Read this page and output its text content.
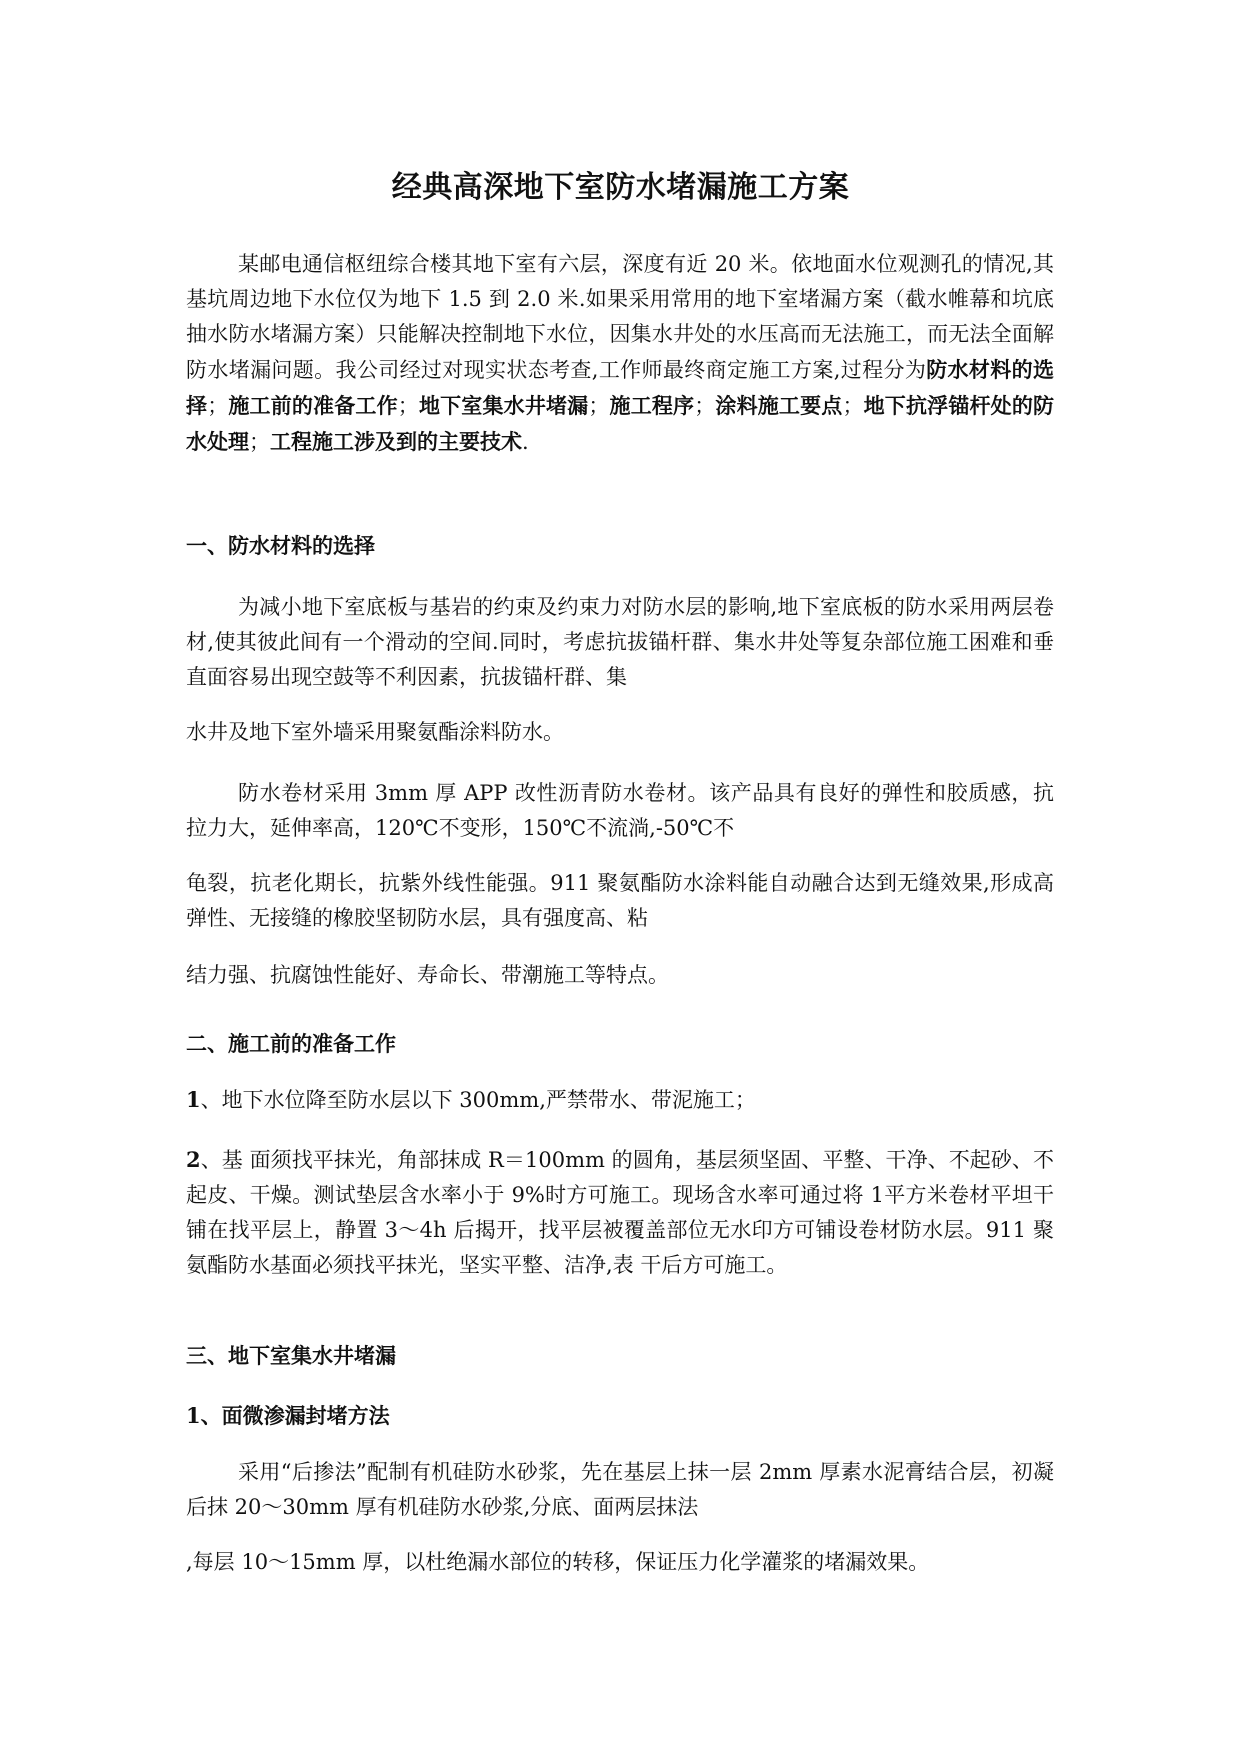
经典高深地下室防水堵漏施工方案

某邮电通信枢纽综合楼其地下室有六层，深度有近 20 米。依地面水位观测孔的情况,其基坑周边地下水位仅为地下 1.5 到 2.0 米.如果采用常用的地下室堵漏方案（截水帷幕和坑底抽水防水堵漏方案）只能解决控制地下水位，因集水井处的水压高而无法施工，而无法全面解防水堵漏问题。我公司经过对现实状态考查,工作师最终商定施工方案,过程分为防水材料的选择；施工前的准备工作；地下室集水井堵漏；施工程序；涂料施工要点；地下抗浮锚杆处的防水处理；工程施工涉及到的主要技术.

一、防水材料的选择

为减小地下室底板与基岩的约束及约束力对防水层的影响,地下室底板的防水采用两层卷材,使其彼此间有一个滑动的空间.同时，考虑抗拔锚杆群、集水井处等复杂部位施工困难和垂直面容易出现空鼓等不利因素，抗拔锚杆群、集

水井及地下室外墙采用聚氨酯涂料防水。

防水卷材采用 3mm 厚 APP 改性沥青防水卷材。该产品具有良好的弹性和胶质感，抗拉力大，延伸率高，120℃不变形，150℃不流淌,-50℃不

龟裂，抗老化期长，抗紫外线性能强。911 聚氨酯防水涂料能自动融合达到无缝效果,形成高弹性、无接缝的橡胶坚韧防水层，具有强度高、粘

结力强、抗腐蚀性能好、寿命长、带潮施工等特点。

二、施工前的准备工作

1、地下水位降至防水层以下 300mm,严禁带水、带泥施工；

2、基 面须找平抹光，角部抹成 R＝100mm 的圆角，基层须坚固、平整、干净、不起砂、不起皮、干燥。测试垫层含水率小于 9%时方可施工。现场含水率可通过将 1平方米卷材平坦干铺在找平层上，静置 3～4h 后揭开，找平层被覆盖部位无水印方可铺设卷材防水层。911 聚氨酯防水基面必须找平抹光，坚实平整、洁净,表 干后方可施工。

三、地下室集水井堵漏
1、面微渗漏封堵方法

采用“后掺法”配制有机硅防水砂浆，先在基层上抹一层 2mm 厚素水泥膏结合层，初凝后抹 20～30mm 厚有机硅防水砂浆,分底、面两层抹法

,每层 10～15mm 厚，以杜绝漏水部位的转移，保证压力化学灌浆的堵漏效果。
